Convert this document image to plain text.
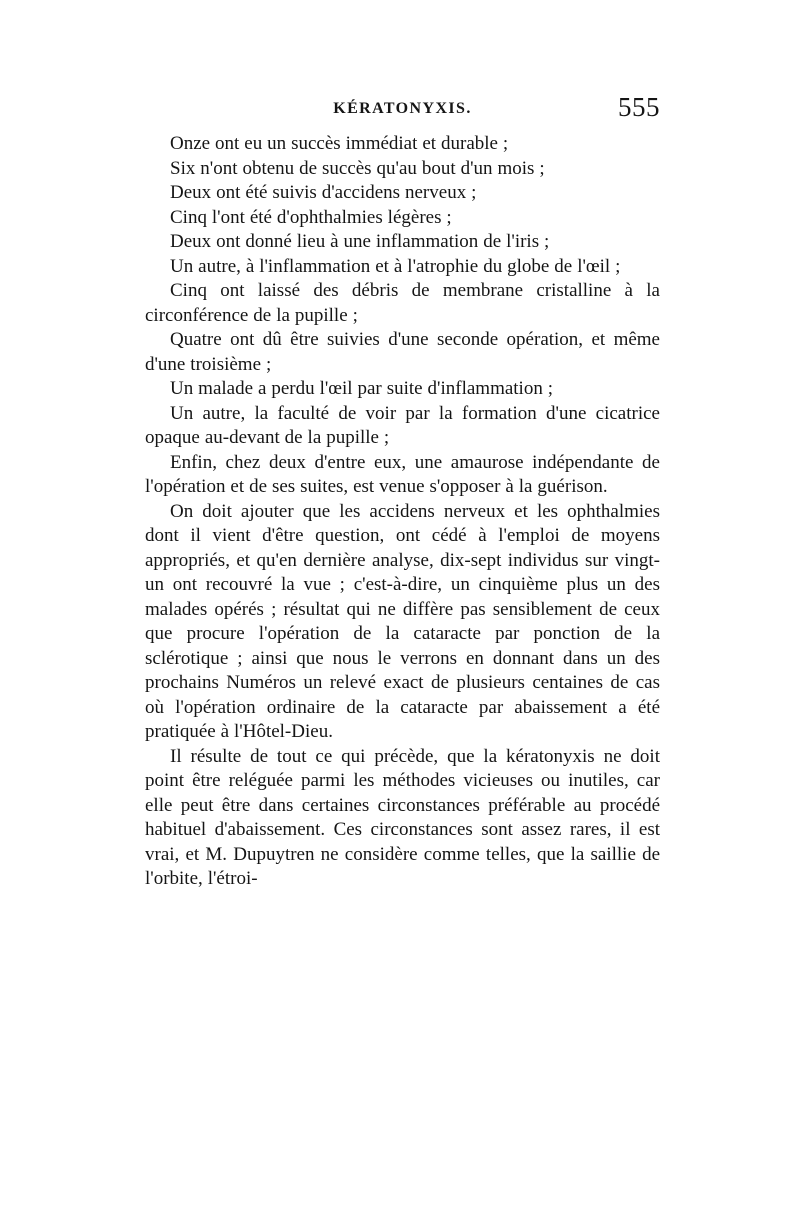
KÉRATONYXIS.	555

Onze ont eu un succès immédiat et durable ;

Six n'ont obtenu de succès qu'au bout d'un mois ;

Deux ont été suivis d'accidens nerveux ;

Cinq l'ont été d'ophthalmies légères ;

Deux ont donné lieu à une inflammation de l'iris ;

Un autre, à l'inflammation et à l'atrophie du globe de l'œil ;

Cinq ont laissé des débris de membrane cristalline à la circonférence de la pupille ;

Quatre ont dû être suivies d'une seconde opération, et même d'une troisième ;

Un malade a perdu l'œil par suite d'inflammation ;

Un autre, la faculté de voir par la formation d'une cicatrice opaque au-devant de la pupille ;

Enfin, chez deux d'entre eux, une amaurose indépendante de l'opération et de ses suites, est venue s'opposer à la guérison.

On doit ajouter que les accidens nerveux et les ophthalmies dont il vient d'être question, ont cédé à l'emploi de moyens appropriés, et qu'en dernière analyse, dix-sept individus sur vingt-un ont recouvré la vue ; c'est-à-dire, un cinquième plus un des malades opérés ; résultat qui ne diffère pas sensiblement de ceux que procure l'opération de la cataracte par ponction de la sclérotique ; ainsi que nous le verrons en donnant dans un des prochains Numéros un relevé exact de plusieurs centaines de cas où l'opération ordinaire de la cataracte par abaissement a été pratiquée à l'Hôtel-Dieu.

Il résulte de tout ce qui précède, que la kératonyxis ne doit point être reléguée parmi les méthodes vicieuses ou inutiles, car elle peut être dans certaines circonstances préférable au procédé habituel d'abaissement. Ces circonstances sont assez rares, il est vrai, et M. Dupuytren ne considère comme telles, que la saillie de l'orbite, l'étroi-
